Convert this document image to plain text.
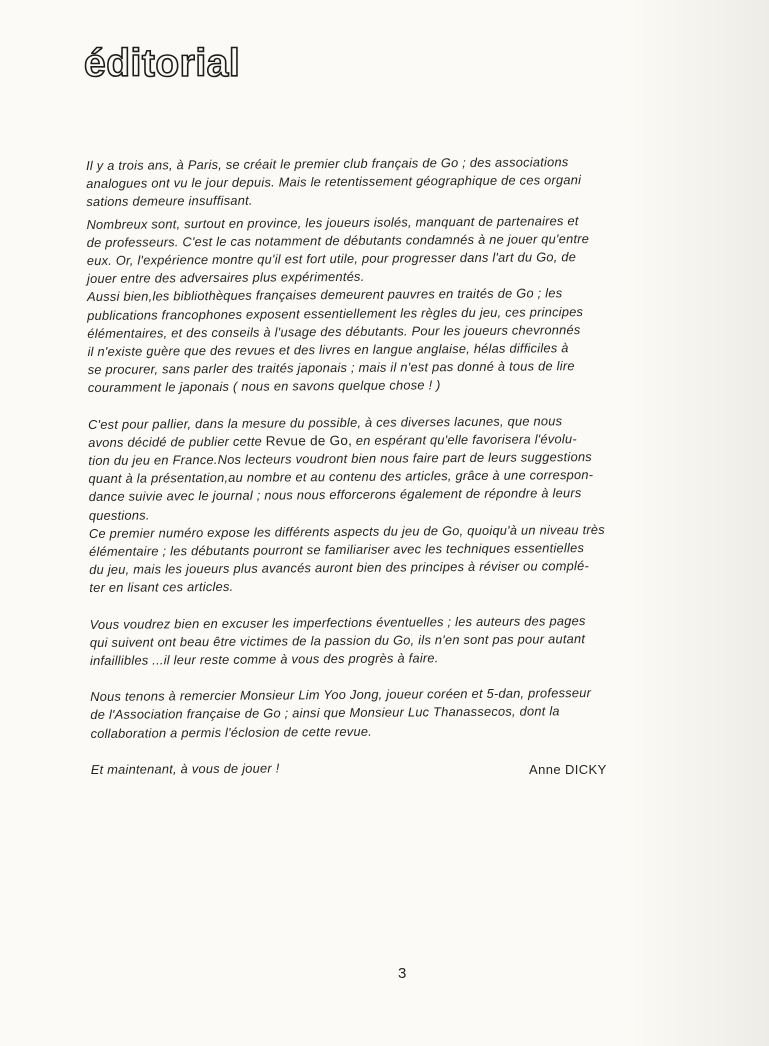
éditorial
Il y a trois ans, à Paris, se créait le premier club français de Go ; des associations
analogues ont vu le jour depuis. Mais le retentissement géographique de ces organi
sations demeure insuffisant.
Nombreux sont, surtout en province, les joueurs isolés, manquant de partenaires et
de professeurs. C'est le cas notamment de débutants condamnés à ne jouer qu'entre
eux. Or, l'expérience montre qu'il est fort utile, pour progresser dans l'art du Go, de
jouer entre des adversaires plus expérimentés.
Aussi bien,les bibliothèques françaises demeurent pauvres en traités de Go ; les
publications francophones exposent essentiellement les règles du jeu, ces principes
élémentaires, et des conseils à l'usage des débutants. Pour les joueurs chevronnés
il n'existe guère que des revues et des livres en langue anglaise, hélas difficiles à
se procurer, sans parler des traités japonais ; mais il n'est pas donné à tous de lire
couramment le japonais ( nous en savons quelque chose ! )
C'est pour pallier, dans la mesure du possible, à ces diverses lacunes, que nous
avons décidé de publier cette Revue de Go, en espérant qu'elle favorisera l'évolu-
tion du jeu en France.Nos lecteurs voudront bien nous faire part de leurs suggestions
quant à la présentation,au nombre et au contenu des articles, grâce à une correspon-
dance suivie avec le journal ; nous nous efforcerons également de répondre à leurs
questions.
Ce premier numéro expose les différents aspects du jeu de Go, quoiqu'à un niveau très
élémentaire ; les débutants pourront se familiariser avec les techniques essentielles
du jeu, mais les joueurs plus avancés auront bien des principes à réviser ou complé-
ter en lisant ces articles.
Vous voudrez bien en excuser les imperfections éventuelles ; les auteurs des pages
qui suivent ont beau être victimes de la passion du Go, ils n'en sont pas pour autant
infaillibles ...il leur reste comme à vous des progrès à faire.
Nous tenons à remercier Monsieur Lim Yoo Jong, joueur coréen et 5-dan, professeur
de l'Association française de Go ; ainsi que Monsieur Luc Thanassecos, dont la
collaboration a permis l'éclosion de cette revue.
Et maintenant, à vous de jouer !	Anne DICKY
3
